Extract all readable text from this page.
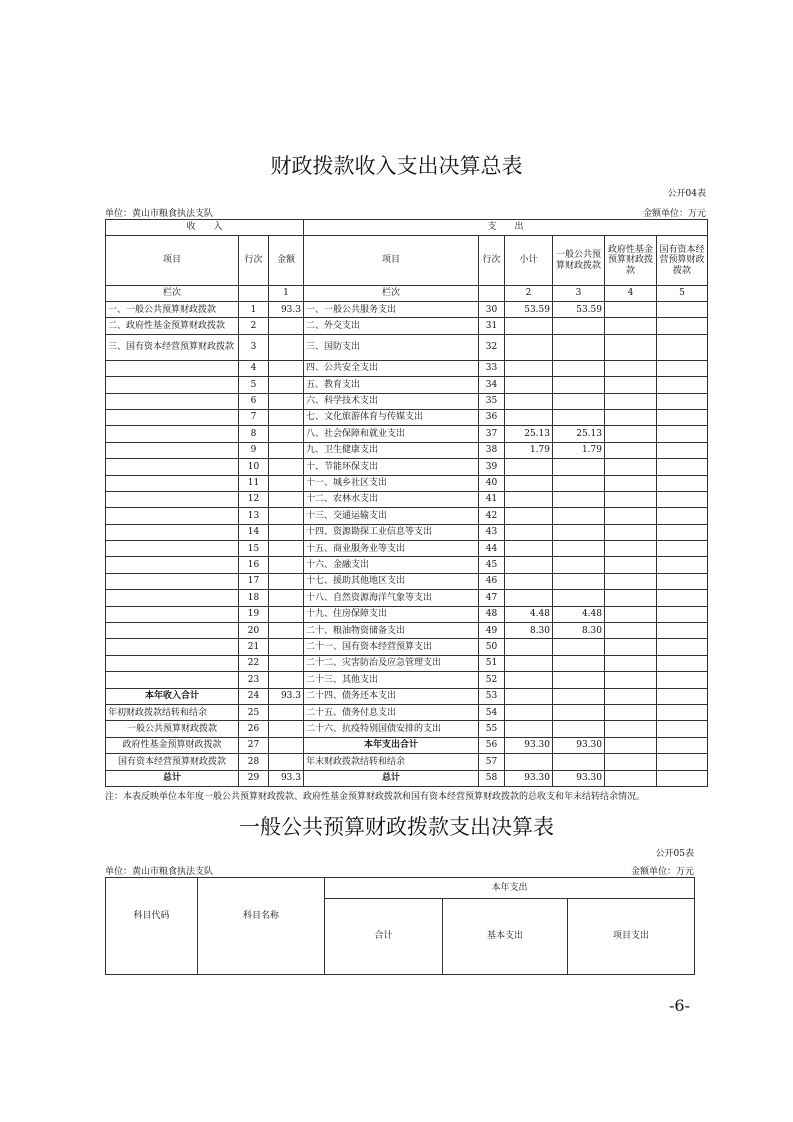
财政拨款收入支出决算总表
公开04表
单位：黄山市粮食执法支队	金额单位：万元
收　　入			支　　出					
项目	行次	金额	项目	行次	小计	一般公共预算财政拨款	政府性基金预算财政拨款	国有资本经营预算财政拨款
栏次		1	栏次		2	3	4	5
一、一般公共预算财政拨款	1	93.3	一、一般公共服务支出	30	53.59	53.59		
二、政府性基金预算财政拨款	2		二、外交支出	31				
三、国有资本经营预算财政拨款	3		三、国防支出	32				
	4		四、公共安全支出	33				
	5		五、教育支出	34				
	6		六、科学技术支出	35				
	7		七、文化旅游体育与传媒支出	36				
	8		八、社会保障和就业支出	37	25.13	25.13		
	9		九、卫生健康支出	38	1.79	1.79		
	10		十、节能环保支出	39				
	11		十一、城乡社区支出	40				
	12		十二、农林水支出	41				
	13		十三、交通运输支出	42				
	14		十四、资源勘探工业信息等支出	43				
	15		十五、商业服务业等支出	44				
	16		十六、金融支出	45				
	17		十七、援助其他地区支出	46				
	18		十八、自然资源海洋气象等支出	47				
	19		十九、住房保障支出	48	4.48	4.48		
	20		二十、粮油物资储备支出	49	8.30	8.30		
	21		二十一、国有资本经营预算支出	50				
	22		二十二、灾害防治及应急管理支出	51				
	23		二十三、其他支出	52				
本年收入合计	24	93.3	二十四、债务还本支出	53				
年初财政拨款结转和结余	25		二十五、债务付息支出	54				
一般公共预算财政拨款	26		二十六、抗疫特别国债安排的支出	55				
政府性基金预算财政拨款	27		本年支出合计	56	93.30	93.30		
国有资本经营预算财政拨款	28		年末财政拨款结转和结余	57				
总计	29	93.3	总计	58	93.30	93.30		
注：本表反映单位本年度一般公共预算财政拨款、政府性基金预算财政拨款和国有资本经营预算财政拨款的总收支和年末结转结余情况。
一般公共预算财政拨款支出决算表
公开05表
单位：黄山市粮食执法支队	金额单位：万元
科目代码	科目名称	本年支出		
		合计	基本支出	项目支出
-6-
